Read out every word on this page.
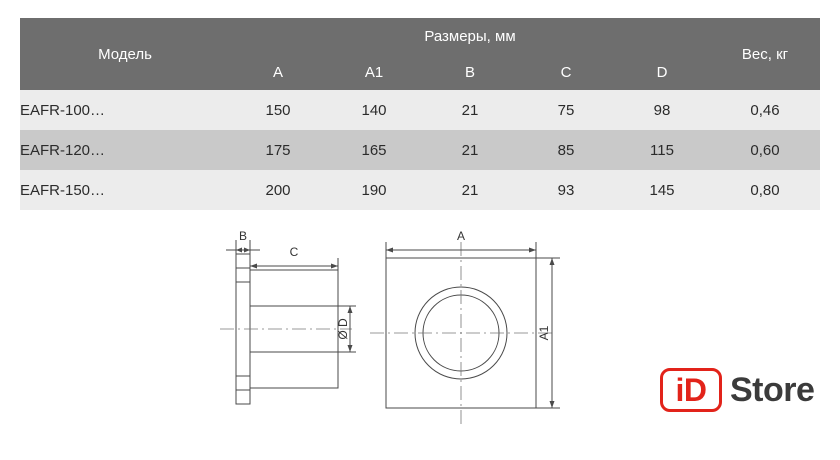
Модель	Размеры, мм					Вес, кг
	A	A1	B	C	D	
EAFR-100…	150	140	21	75	98	0,46
EAFR-120…	175	165	21	85	115	0,60
EAFR-150…	200	190	21	93	145	0,80
B
C
Ø D
A
A1
iD Store
